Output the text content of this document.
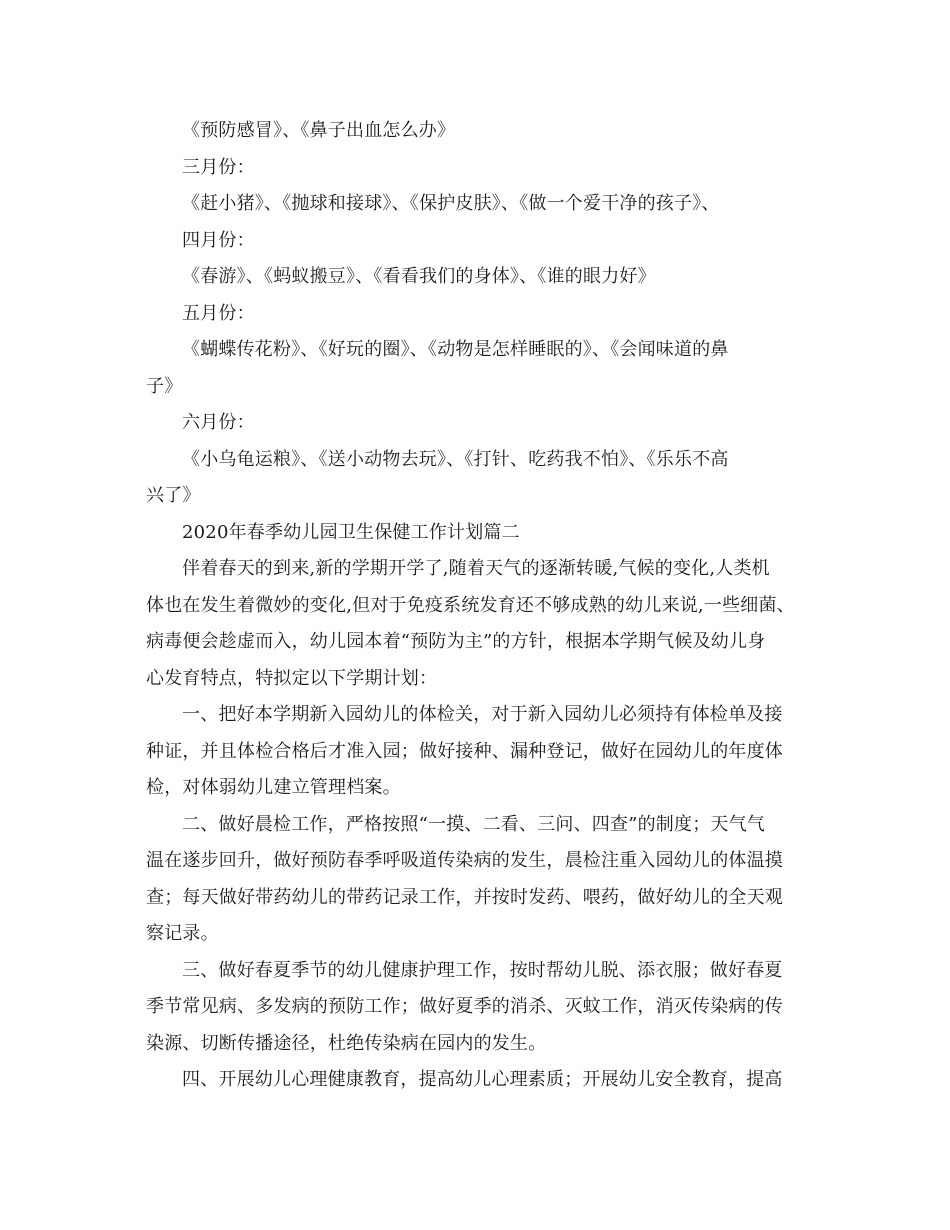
《预防感冒》、《鼻子出血怎么办》
三月份：
《赶小猪》、《抛球和接球》、《保护皮肤》、《做一个爱干净的孩子》、
四月份：
《春游》、《蚂蚁搬豆》、《看看我们的身体》、《谁的眼力好》
五月份：
《蝴蝶传花粉》、《好玩的圈》、《动物是怎样睡眠的》、《会闻味道的鼻
子》
六月份：
《小乌龟运粮》、《送小动物去玩》、《打针、吃药我不怕》、《乐乐不高
兴了》
2020年春季幼儿园卫生保健工作计划篇二
伴着春天的到来,新的学期开学了,随着天气的逐渐转暖,气候的变化,人类机
体也在发生着微妙的变化,但对于免疫系统发育还不够成熟的幼儿来说,一些细菌、
病毒便会趁虚而入，幼儿园本着“预防为主”的方针，根据本学期气候及幼儿身
心发育特点，特拟定以下学期计划：
一、把好本学期新入园幼儿的体检关，对于新入园幼儿必须持有体检单及接
种证，并且体检合格后才准入园；做好接种、漏种登记，做好在园幼儿的年度体
检，对体弱幼儿建立管理档案。
二、做好晨检工作，严格按照“一摸、二看、三问、四查”的制度；天气气
温在遂步回升，做好预防春季呼吸道传染病的发生，晨检注重入园幼儿的体温摸
查；每天做好带药幼儿的带药记录工作，并按时发药、喂药，做好幼儿的全天观
察记录。
三、做好春夏季节的幼儿健康护理工作，按时帮幼儿脱、添衣服；做好春夏
季节常见病、多发病的预防工作；做好夏季的消杀、灭蚊工作，消灭传染病的传
染源、切断传播途径，杜绝传染病在园内的发生。
四、开展幼儿心理健康教育，提高幼儿心理素质；开展幼儿安全教育，提高
